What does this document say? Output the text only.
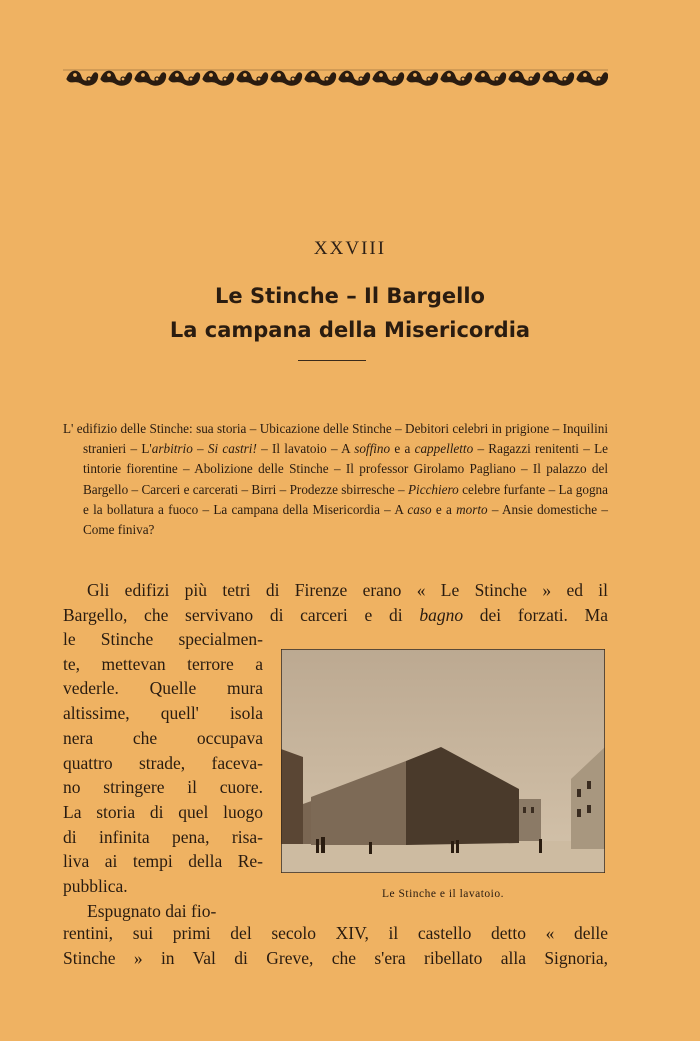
XXVIII
Le Stinche – Il Bargello
La campana della Misericordia

L' edifizio delle Stinche: sua storia – Ubicazione delle Stinche – Debitori celebri in prigione – Inquilini stranieri – L'arbitrio – Si castri! – Il lavatoio – A soffino e a cappelletto – Ragazzi renitenti – Le tintorie fiorentine – Abolizione delle Stinche – Il professor Girolamo Pagliano – Il palazzo del Bargello – Carceri e carcerati – Birri – Prodezze sbirresche – Picchiero celebre furfante – La gogna e la bollatura a fuoco – La campana della Misericordia – A caso e a morto – Ansie domestiche – Come finiva?

Gli edifizi più tetri di Firenze erano « Le Stinche » ed il
Bargello, che servivano di carceri e di bagno dei forzati. Ma
le Stinche specialmen-
te, mettevan terrore a
vederle. Quelle mura
altissime, quell' isola
nera che occupava
quattro strade, faceva-
no stringere il cuore.
La storia di quel luogo
di infinita pena, risa-
liva ai tempi della Re-
pubblica.
Espugnato dai fio-
Le Stinche e il lavatoio.
rentini, sui primi del secolo XIV, il castello detto « delle
Stinche » in Val di Greve, che s'era ribellato alla Signoria,
